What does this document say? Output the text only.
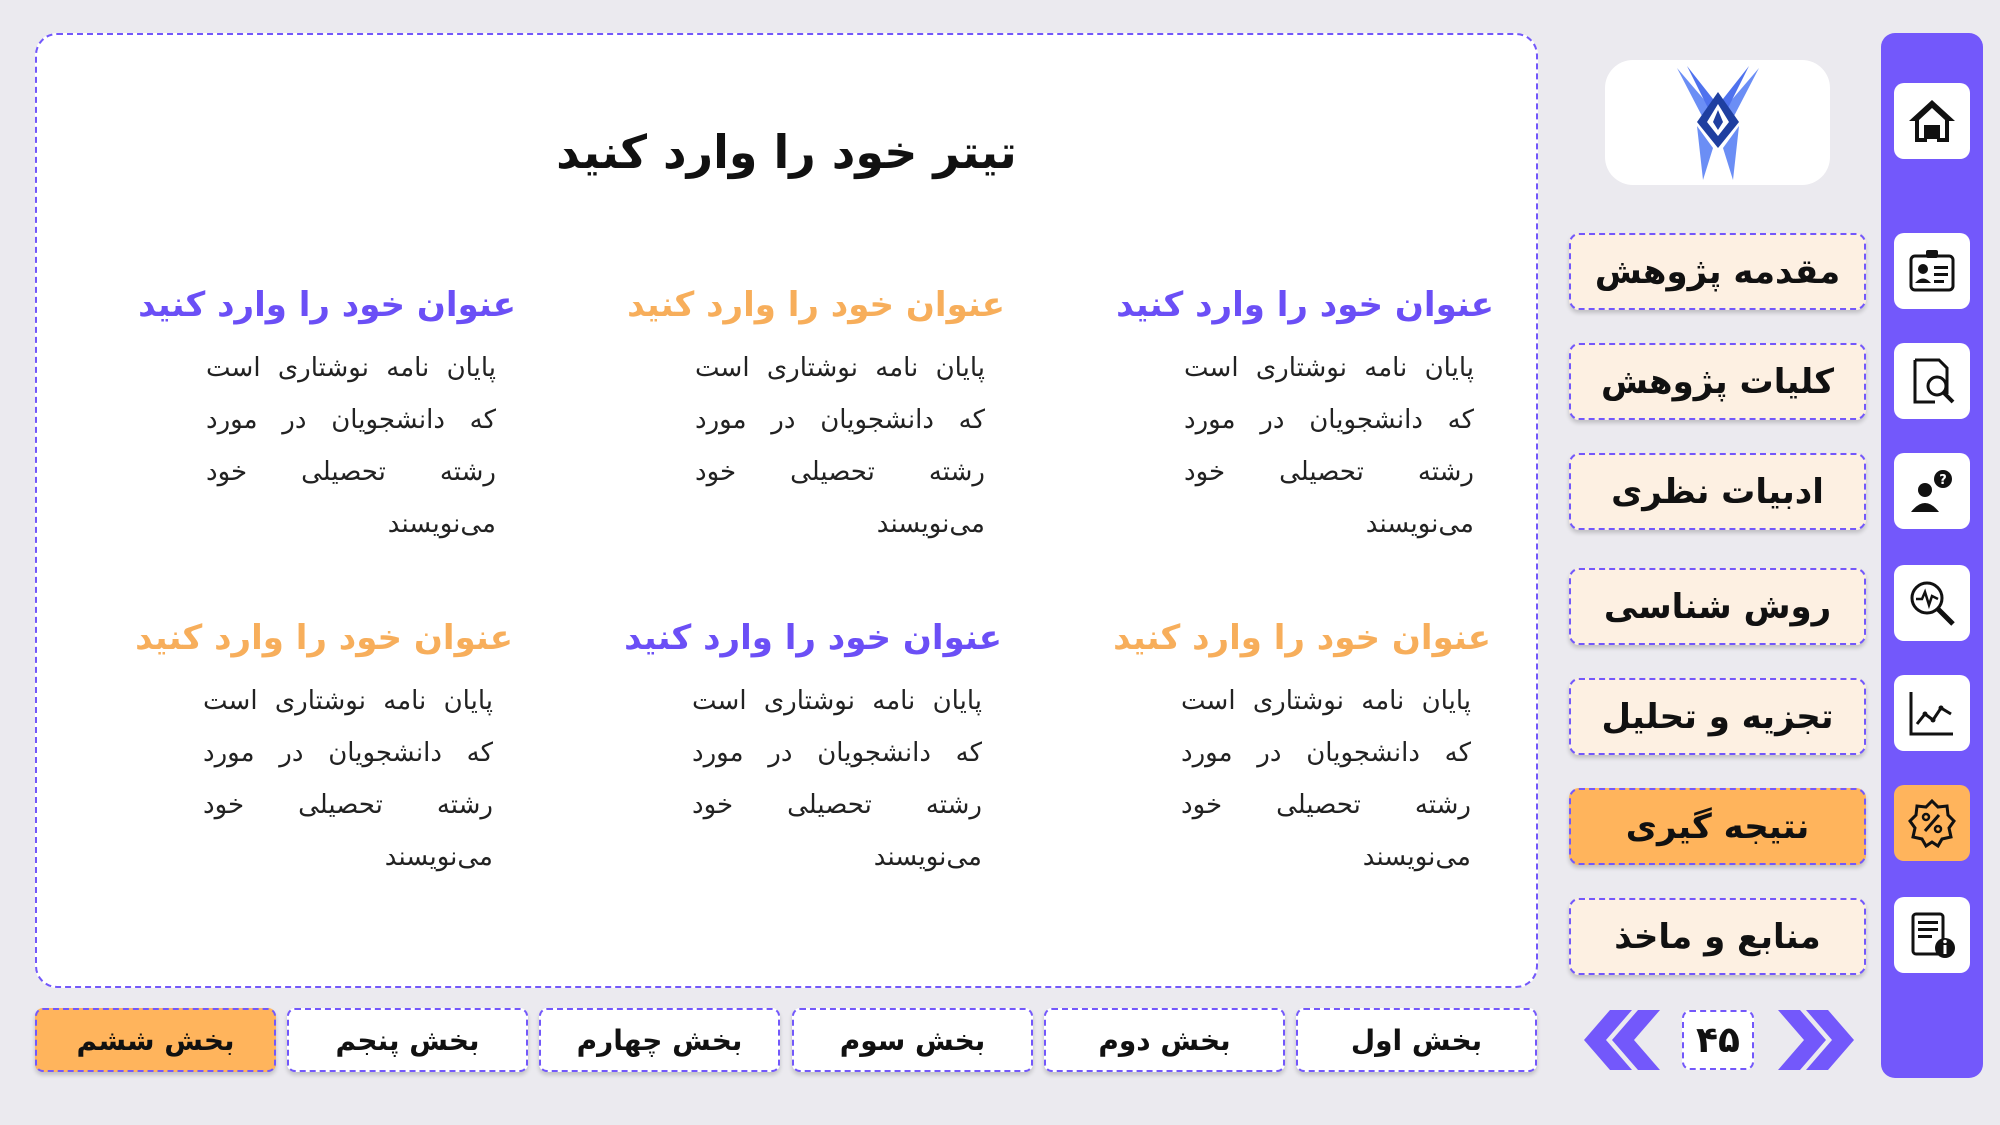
?
مقدمه پژوهش
کلیات پژوهش
ادبیات نظری
روش شناسی
تجزیه و تحلیل
نتیجه گیری
منابع و ماخذ
تیتر خود را وارد کنید
عنوان خود را وارد کنید
پایان نامه نوشتاری است که دانشجویان در مورد رشته تحصیلی خود می‌نویسند
عنوان خود را وارد کنید
پایان نامه نوشتاری است که دانشجویان در مورد رشته تحصیلی خود می‌نویسند
عنوان خود را وارد کنید
پایان نامه نوشتاری است که دانشجویان در مورد رشته تحصیلی خود می‌نویسند
عنوان خود را وارد کنید
پایان نامه نوشتاری است که دانشجویان در مورد رشته تحصیلی خود می‌نویسند
عنوان خود را وارد کنید
پایان نامه نوشتاری است که دانشجویان در مورد رشته تحصیلی خود می‌نویسند
عنوان خود را وارد کنید
پایان نامه نوشتاری است که دانشجویان در مورد رشته تحصیلی خود می‌نویسند
بخش اول
بخش دوم
بخش سوم
بخش چهارم
بخش پنجم
بخش ششم	۴۵
